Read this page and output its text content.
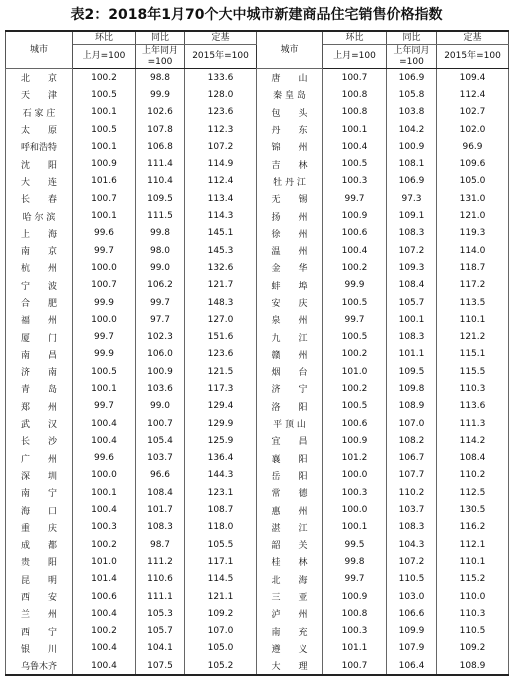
表2：2018年1月70个大中城市新建商品住宅销售价格指数
城市	环比	同比	定基	城市	环比	同比	定基
	上月=100	上年同月=100	2015年=100		上月=100	上年同月=100	2015年=100
北　　京	100.2	98.8	133.6	唐　　山	100.7	106.9	109.4
天　　津	100.5	99.9	128.0	秦 皇 岛	100.8	105.8	112.4
石 家 庄	100.1	102.6	123.6	包　　头	100.8	103.8	102.7
太　　原	100.5	107.8	112.3	丹　　东	100.1	104.2	102.0
呼和浩特	100.1	106.8	107.2	锦　　州	100.4	100.9	96.9
沈　　阳	100.9	111.4	114.9	吉　　林	100.5	108.1	109.6
大　　连	101.6	110.4	112.4	牡 丹 江	100.3	106.9	105.0
长　　春	100.7	109.5	113.4	无　　锡	99.7	97.3	131.0
哈 尔 滨	100.1	111.5	114.3	扬　　州	100.9	109.1	121.0
上　　海	99.6	99.8	145.1	徐　　州	100.6	108.3	119.3
南　　京	99.7	98.0	145.3	温　　州	100.4	107.2	114.0
杭　　州	100.0	99.0	132.6	金　　华	100.2	109.3	118.7
宁　　波	100.7	106.2	121.7	蚌　　埠	99.9	108.4	117.2
合　　肥	99.9	99.7	148.3	安　　庆	100.5	105.7	113.5
福　　州	100.0	97.7	127.0	泉　　州	99.7	100.1	110.1
厦　　门	99.7	102.3	151.6	九　　江	100.5	108.3	121.2
南　　昌	99.9	106.0	123.6	赣　　州	100.2	101.1	115.1
济　　南	100.5	100.9	121.5	烟　　台	101.0	109.5	115.5
青　　岛	100.1	103.6	117.3	济　　宁	100.2	109.8	110.3
郑　　州	99.7	99.0	129.4	洛　　阳	100.5	108.9	113.6
武　　汉	100.4	100.7	129.9	平 顶 山	100.6	107.0	111.3
长　　沙	100.4	105.4	125.9	宜　　昌	100.9	108.2	114.2
广　　州	99.6	103.7	136.4	襄　　阳	101.2	106.7	108.4
深　　圳	100.0	96.6	144.3	岳　　阳	100.0	107.7	110.2
南　　宁	100.1	108.4	123.1	常　　德	100.3	110.2	112.5
海　　口	100.4	101.7	108.7	惠　　州	100.0	103.7	130.5
重　　庆	100.3	108.3	118.0	湛　　江	100.1	108.3	116.2
成　　都	100.2	98.7	105.5	韶　　关	99.5	104.3	112.1
贵　　阳	101.0	111.2	117.1	桂　　林	99.8	107.2	110.1
昆　　明	101.4	110.6	114.5	北　　海	99.7	110.5	115.2
西　　安	100.6	111.1	121.1	三　　亚	100.9	103.0	110.0
兰　　州	100.4	105.3	109.2	泸　　州	100.8	106.6	110.3
西　　宁	100.2	105.7	107.0	南　　充	100.3	109.9	110.5
银　　川	100.4	104.1	105.0	遵　　义	101.1	107.9	109.2
乌鲁木齐	100.4	107.5	105.2	大　　理	100.7	106.4	108.9
